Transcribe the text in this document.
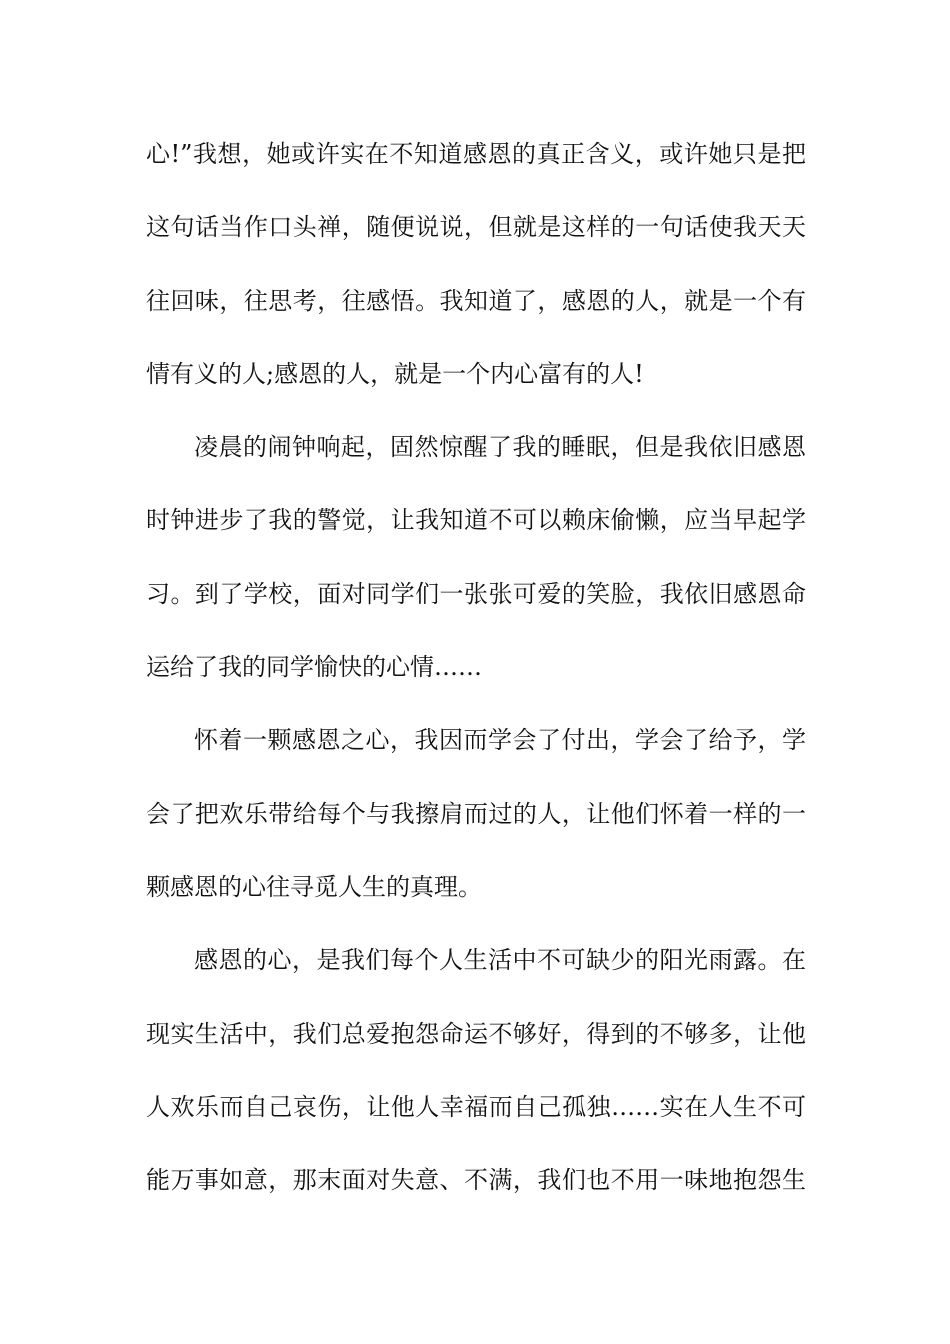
心!”我想，她或许实在不知道感恩的真正含义，或许她只是把
这句话当作口头禅，随便说说，但就是这样的一句话使我天天
往回味，往思考，往感悟。我知道了，感恩的人，就是一个有
情有义的人;感恩的人，就是一个内心富有的人!
凌晨的闹钟响起，固然惊醒了我的睡眠，但是我依旧感恩
时钟进步了我的警觉，让我知道不可以赖床偷懒，应当早起学
习。到了学校，面对同学们一张张可爱的笑脸，我依旧感恩命
运给了我的同学愉快的心情……
怀着一颗感恩之心，我因而学会了付出，学会了给予，学
会了把欢乐带给每个与我擦肩而过的人，让他们怀着一样的一
颗感恩的心往寻觅人生的真理。
感恩的心，是我们每个人生活中不可缺少的阳光雨露。在
现实生活中，我们总爱抱怨命运不够好，得到的不够多，让他
人欢乐而自己哀伤，让他人幸福而自己孤独……实在人生不可
能万事如意，那末面对失意、不满，我们也不用一味地抱怨生
